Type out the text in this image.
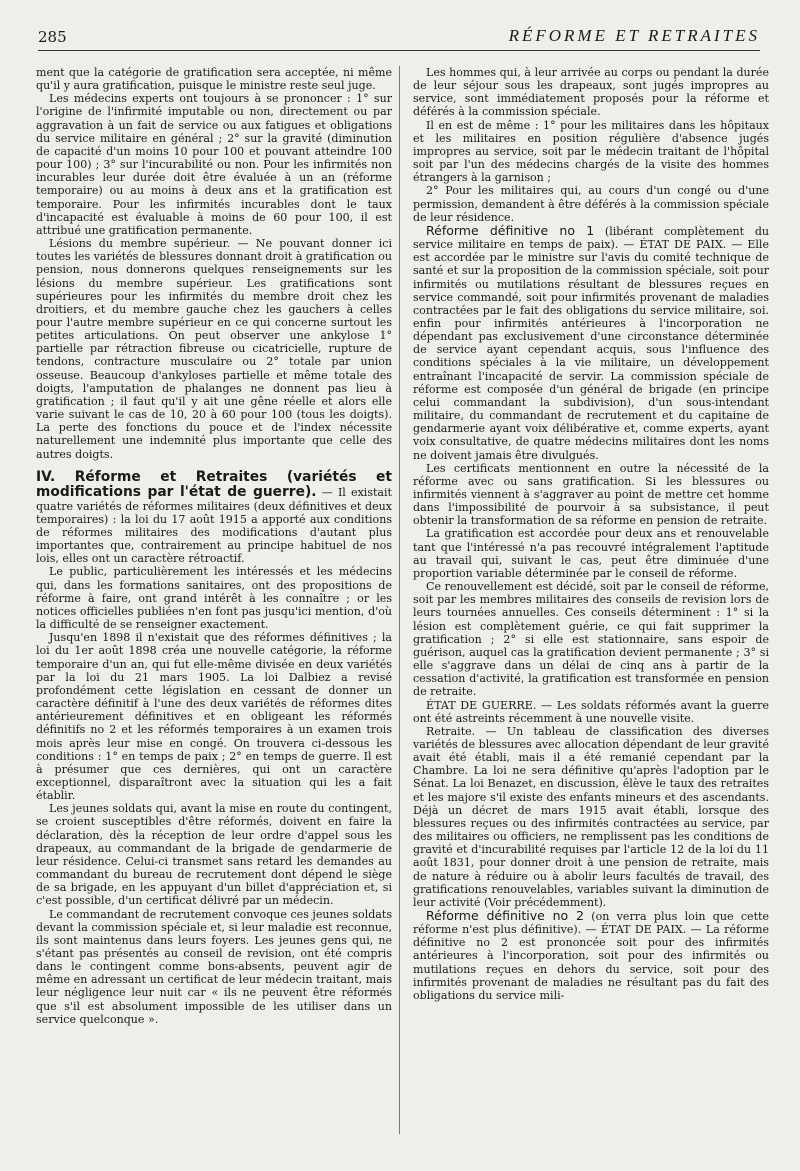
285	RÉFORME ET RETRAITES

ment que la catégorie de gratification sera acceptée, ni même qu'il y aura gratification, puisque le ministre reste seul juge.

Les médecins experts ont toujours à se prononcer : 1° sur l'origine de l'infirmité imputable ou non, directement ou par aggravation à un fait de service ou aux fatigues et obligations du service militaire en général ; 2° sur la gravité (diminution de capacité d'un moins 10 pour 100 et pouvant atteindre 100 pour 100) ; 3° sur l'incurabilité ou non. Pour les infirmités non incurables leur durée doit être évaluée à un an (réforme temporaire) ou au moins à deux ans et la gratification est temporaire. Pour les infirmités incurables dont le taux d'incapacité est évaluable à moins de 60 pour 100, il est attribué une gratification permanente.

Lésions du membre supérieur. — Ne pouvant donner ici toutes les variétés de blessures donnant droit à gratification ou pension, nous donnerons quelques renseignements sur les lésions du membre supérieur. Les gratifications sont supérieures pour les infirmités du membre droit chez les droitiers, et du membre gauche chez les gauchers à celles pour l'autre membre supérieur en ce qui concerne surtout les petites articulations. On peut observer une ankylose 1° partielle par rétraction fibreuse ou cicatricielle, rupture de tendons, contracture musculaire ou 2° totale par union osseuse. Beaucoup d'ankyloses partielle et même totale des doigts, l'amputation de phalanges ne donnent pas lieu à gratification ; il faut qu'il y ait une gêne réelle et alors elle varie suivant le cas de 10, 20 à 60 pour 100 (tous les doigts). La perte des fonctions du pouce et de l'index nécessite naturellement une indemnité plus importante que celle des autres doigts.

IV. Réforme et Retraites (variétés et modifications par l'état de guerre). — Il existait quatre variétés de réformes militaires (deux définitives et deux temporaires) : la loi du 17 août 1915 a apporté aux conditions de réformes militaires des modifications d'autant plus importantes que, contrairement au principe habituel de nos lois, elles ont un caractère rétroactif.

Le public, particulièrement les intéressés et les médecins qui, dans les formations sanitaires, ont des propositions de réforme à faire, ont grand intérêt à les connaître ; or les notices officielles publiées n'en font pas jusqu'ici mention, d'où la difficulté de se renseigner exactement.

Jusqu'en 1898 il n'existait que des réformes définitives ; la loi du 1er août 1898 créa une nouvelle catégorie, la réforme temporaire d'un an, qui fut elle-même divisée en deux variétés par la loi du 21 mars 1905. La loi Dalbiez a revisé profondément cette législation en cessant de donner un caractère définitif à l'une des deux variétés de réformes dites antérieurement définitives et en obligeant les réformés définitifs no 2 et les réformés temporaires à un examen trois mois après leur mise en congé. On trouvera ci-dessous les conditions : 1° en temps de paix ; 2° en temps de guerre. Il est à présumer que ces dernières, qui ont un caractère exceptionnel, disparaîtront avec la situation qui les a fait établir.

Les jeunes soldats qui, avant la mise en route du contingent, se croient susceptibles d'être réformés, doivent en faire la déclaration, dès la réception de leur ordre d'appel sous les drapeaux, au commandant de la brigade de gendarmerie de leur résidence. Celui-ci transmet sans retard les demandes au commandant du bureau de recrutement dont dépend le siège de sa brigade, en les appuyant d'un billet d'appréciation et, si c'est possible, d'un certificat délivré par un médecin.

Le commandant de recrutement convoque ces jeunes soldats devant la commission spéciale et, si leur maladie est reconnue, ils sont maintenus dans leurs foyers. Les jeunes gens qui, ne s'étant pas présentés au conseil de revision, ont été compris dans le contingent comme bons-absents, peuvent agir de même en adressant un certificat de leur médecin traitant, mais leur négligence leur nuit car « ils ne peuvent être réformés que s'il est absolument impossible de les utiliser dans un service quelconque ».

Les hommes qui, à leur arrivée au corps ou pendant la durée de leur séjour sous les drapeaux, sont jugés impropres au service, sont immédiatement proposés pour la réforme et déférés à la commission spéciale.

Il en est de même : 1° pour les militaires dans les hôpitaux et les militaires en position régulière d'absence jugés impropres au service, soit par le médecin traitant de l'hôpital soit par l'un des médecins chargés de la visite des hommes étrangers à la garnison ;

2° Pour les militaires qui, au cours d'un congé ou d'une permission, demandent à être déférés à la commission spéciale de leur résidence.

Réforme définitive no 1 (libérant complètement du service militaire en temps de paix). — ÉTAT DE PAIX. — Elle est accordée par le ministre sur l'avis du comité technique de santé et sur la proposition de la commission spéciale, soit pour infirmités ou mutilations résultant de blessures reçues en service commandé, soit pour infirmités provenant de maladies contractées par le fait des obligations du service militaire, soi. enfin pour infirmités antérieures à l'incorporation ne dépendant pas exclusivement d'une circonstance déterminée de service ayant cependant acquis, sous l'influence des conditions spéciales à la vie militaire, un développement entraînant l'incapacité de servir. La commission spéciale de réforme est composée d'un général de brigade (en principe celui commandant la subdivision), d'un sous-intendant militaire, du commandant de recrutement et du capitaine de gendarmerie ayant voix délibérative et, comme experts, ayant voix consultative, de quatre médecins militaires dont les noms ne doivent jamais être divulgués.

Les certificats mentionnent en outre la nécessité de la réforme avec ou sans gratification. Si les blessures ou infirmités viennent à s'aggraver au point de mettre cet homme dans l'impossibilité de pourvoir à sa subsistance, il peut obtenir la transformation de sa réforme en pension de retraite.

La gratification est accordée pour deux ans et renouvelable tant que l'intéressé n'a pas recouvré intégralement l'aptitude au travail qui, suivant le cas, peut être diminuée d'une proportion variable déterminée par le conseil de réforme.

Ce renouvellement est décidé, soit par le conseil de réforme, soit par les membres militaires des conseils de revision lors de leurs tournées annuelles. Ces conseils déterminent : 1° si la lésion est complètement guérie, ce qui fait supprimer la gratification ; 2° si elle est stationnaire, sans espoir de guérison, auquel cas la gratification devient permanente ; 3° si elle s'aggrave dans un délai de cinq ans à partir de la cessation d'activité, la gratification est transformée en pension de retraite.

ÉTAT DE GUERRE. — Les soldats réformés avant la guerre ont été astreints récemment à une nouvelle visite.

Retraite. — Un tableau de classification des diverses variétés de blessures avec allocation dépendant de leur gravité avait été établi, mais il a été remanié cependant par la Chambre. La loi ne sera définitive qu'après l'adoption par le Sénat. La loi Benazet, en discussion, élève le taux des retraites et les majore s'il existe des enfants mineurs et des ascendants. Déjà un décret de mars 1915 avait établi, lorsque des blessures reçues ou des infirmités contractées au service, par des militaires ou officiers, ne remplissent pas les conditions de gravité et d'incurabilité requises par l'article 12 de la loi du 11 août 1831, pour donner droit à une pension de retraite, mais de nature à réduire ou à abolir leurs facultés de travail, des gratifications renouvelables, variables suivant la diminution de leur activité (Voir précédemment).

Réforme définitive no 2 (on verra plus loin que cette réforme n'est plus définitive). — ÉTAT DE PAIX. — La réforme définitive no 2 est prononcée soit pour des infirmités antérieures à l'incorporation, soit pour des infirmités ou mutilations reçues en dehors du service, soit pour des infirmités provenant de maladies ne résultant pas du fait des obligations du service mili-
